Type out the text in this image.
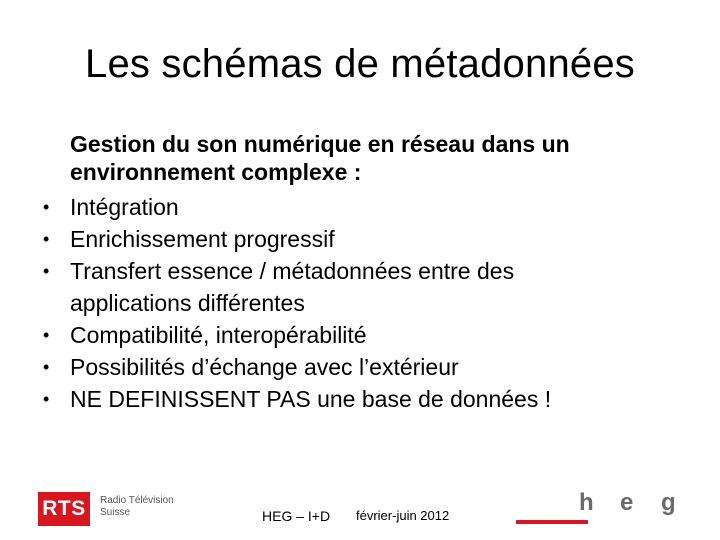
Les schémas de métadonnées
Gestion du son numérique en réseau dans un
environnement complexe :
• Intégration
• Enrichissement progressif
• Transfert essence / métadonnées entre des
applications différentes
• Compatibilité, interopérabilité
• Possibilités d’échange avec l’extérieur
• NE DEFINISSENT PAS une base de données !
RTS	Radio Télévision
Suisse	HEG – I+D février-juin 2012	h e g
